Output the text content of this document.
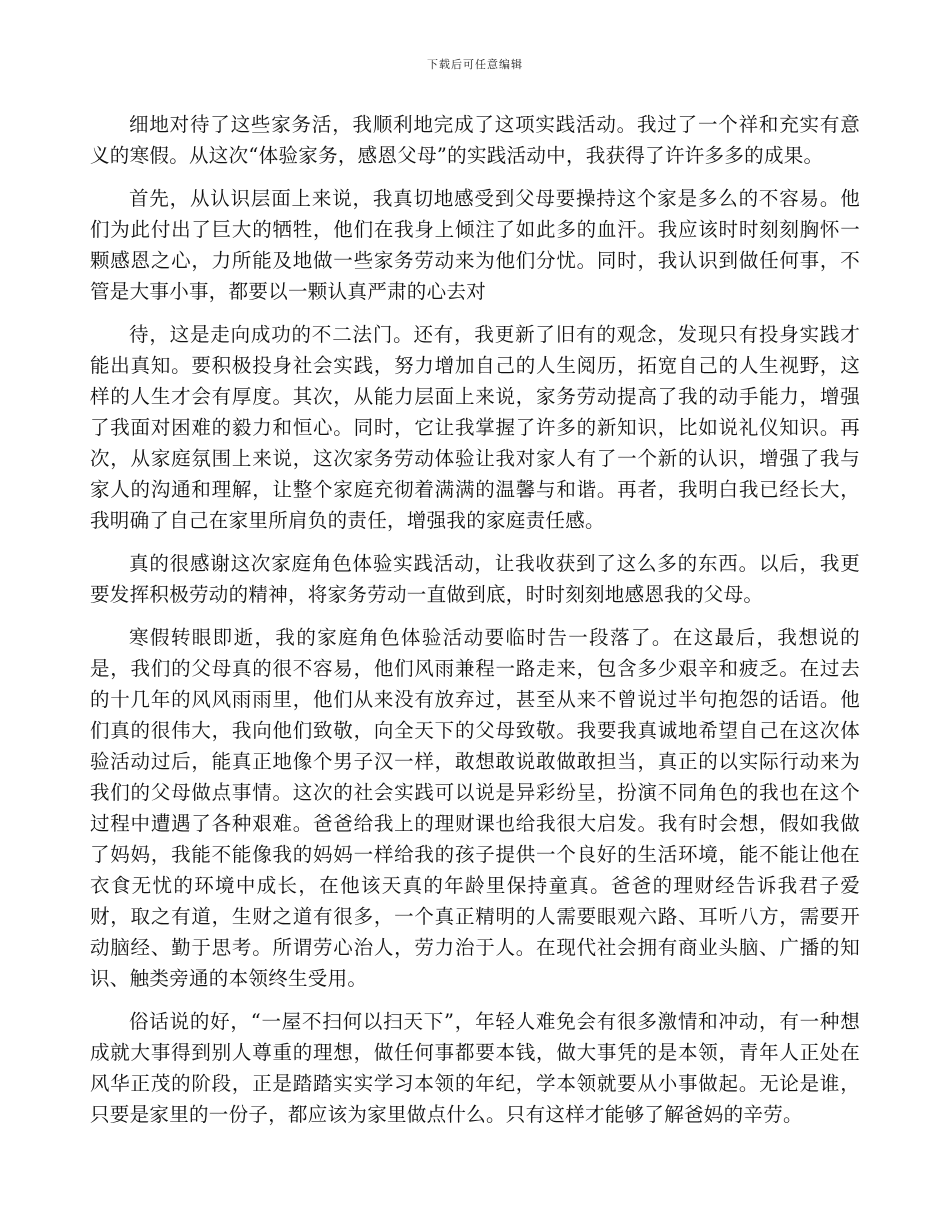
下载后可任意编辑

细地对待了这些家务活，我顺利地完成了这项实践活动。我过了一个祥和充实有意义的寒假。从这次“体验家务，感恩父母”的实践活动中，我获得了许许多多的成果。

首先，从认识层面上来说，我真切地感受到父母要操持这个家是多么的不容易。他们为此付出了巨大的牺牲，他们在我身上倾注了如此多的血汗。我应该时时刻刻胸怀一颗感恩之心，力所能及地做一些家务劳动来为他们分忧。同时，我认识到做任何事，不管是大事小事，都要以一颗认真严肃的心去对

待，这是走向成功的不二法门。还有，我更新了旧有的观念，发现只有投身实践才能出真知。要积极投身社会实践，努力增加自己的人生阅历，拓宽自己的人生视野，这样的人生才会有厚度。其次，从能力层面上来说，家务劳动提高了我的动手能力，增强了我面对困难的毅力和恒心。同时，它让我掌握了许多的新知识，比如说礼仪知识。再次，从家庭氛围上来说，这次家务劳动体验让我对家人有了一个新的认识，增强了我与家人的沟通和理解，让整个家庭充彻着满满的温馨与和谐。再者，我明白我已经长大，我明确了自己在家里所肩负的责任，增强我的家庭责任感。

真的很感谢这次家庭角色体验实践活动，让我收获到了这么多的东西。以后，我更要发挥积极劳动的精神，将家务劳动一直做到底，时时刻刻地感恩我的父母。

寒假转眼即逝，我的家庭角色体验活动要临时告一段落了。在这最后，我想说的是，我们的父母真的很不容易，他们风雨兼程一路走来，包含多少艰辛和疲乏。在过去的十几年的风风雨雨里，他们从来没有放弃过，甚至从来不曾说过半句抱怨的话语。他们真的很伟大，我向他们致敬，向全天下的父母致敬。我要我真诚地希望自己在这次体验活动过后，能真正地像个男子汉一样，敢想敢说敢做敢担当，真正的以实际行动来为我们的父母做点事情。这次的社会实践可以说是异彩纷呈，扮演不同角色的我也在这个过程中遭遇了各种艰难。爸爸给我上的理财课也给我很大启发。我有时会想，假如我做了妈妈，我能不能像我的妈妈一样给我的孩子提供一个良好的生活环境，能不能让他在衣食无忧的环境中成长，在他该天真的年龄里保持童真。爸爸的理财经告诉我君子爱财，取之有道，生财之道有很多，一个真正精明的人需要眼观六路、耳听八方，需要开动脑经、勤于思考。所谓劳心治人，劳力治于人。在现代社会拥有商业头脑、广播的知识、触类旁通的本领终生受用。

俗话说的好，“一屋不扫何以扫天下”，年轻人难免会有很多激情和冲动，有一种想成就大事得到别人尊重的理想，做任何事都要本钱，做大事凭的是本领，青年人正处在风华正茂的阶段，正是踏踏实实学习本领的年纪，学本领就要从小事做起。无论是谁，只要是家里的一份子，都应该为家里做点什么。只有这样才能够了解爸妈的辛劳。
